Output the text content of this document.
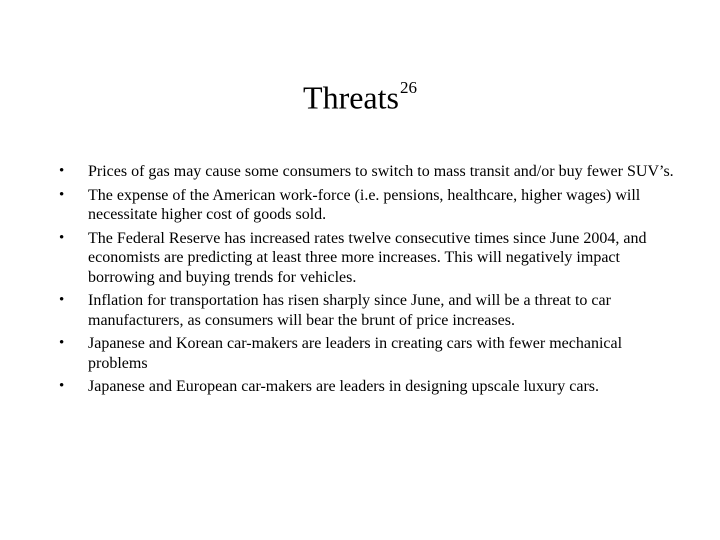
Threats$^{26}$
• Prices of gas may cause some consumers to switch to mass transit and/or buy fewer SUV’s.
• The expense of the American work-force (i.e. pensions, healthcare, higher wages) will necessitate higher cost of goods sold.
• The Federal Reserve has increased rates twelve consecutive times since June 2004, and economists are predicting at least three more increases. This will negatively impact borrowing and buying trends for vehicles.
• Inflation for transportation has risen sharply since June, and will be a threat to car manufacturers, as consumers will bear the brunt of price increases.
• Japanese and Korean car-makers are leaders in creating cars with fewer mechanical problems
• Japanese and European car-makers are leaders in designing upscale luxury cars.
